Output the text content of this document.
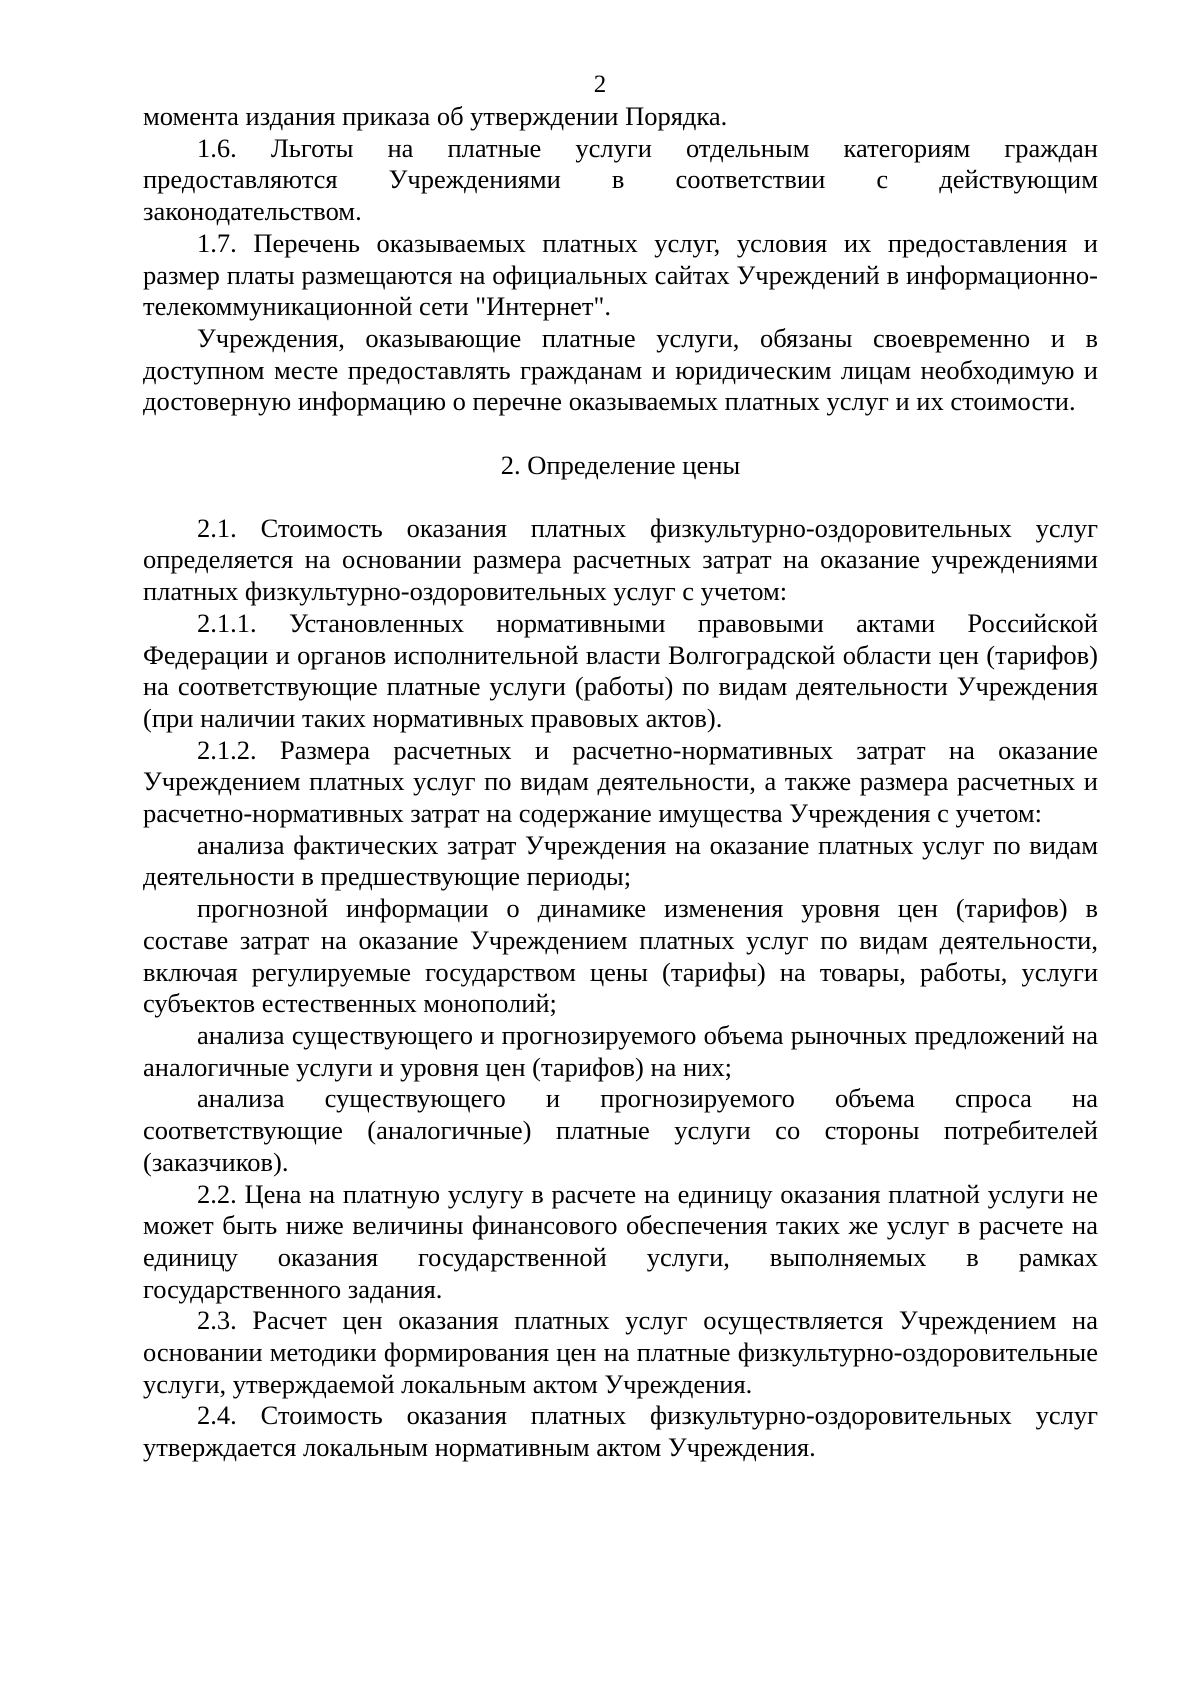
2

момента издания приказа об утверждении Порядка.

1.6. Льготы на платные услуги отдельным категориям граждан предоставляются Учреждениями в соответствии с действующим законодательством.

1.7. Перечень оказываемых платных услуг, условия их предоставления и размер платы размещаются на официальных сайтах Учреждений в информационно-телекоммуникационной сети "Интернет".

Учреждения, оказывающие платные услуги, обязаны своевременно и в доступном месте предоставлять гражданам и юридическим лицам необходимую и достоверную информацию о перечне оказываемых платных услуг и их стоимости.

2. Определение цены

2.1. Стоимость оказания платных физкультурно-оздоровительных услуг определяется на основании размера расчетных затрат на оказание учреждениями платных физкультурно-оздоровительных услуг с учетом:

2.1.1. Установленных нормативными правовыми актами Российской Федерации и органов исполнительной власти Волгоградской области цен (тарифов) на соответствующие платные услуги (работы) по видам деятельности Учреждения (при наличии таких нормативных правовых актов).

2.1.2. Размера расчетных и расчетно-нормативных затрат на оказание Учреждением платных услуг по видам деятельности, а также размера расчетных и расчетно-нормативных затрат на содержание имущества Учреждения с учетом:

анализа фактических затрат Учреждения на оказание платных услуг по видам деятельности в предшествующие периоды;

прогнозной информации о динамике изменения уровня цен (тарифов) в составе затрат на оказание Учреждением платных услуг по видам деятельности, включая регулируемые государством цены (тарифы) на товары, работы, услуги субъектов естественных монополий;

анализа существующего и прогнозируемого объема рыночных предложений на аналогичные услуги и уровня цен (тарифов) на них;

анализа существующего и прогнозируемого объема спроса на соответствующие (аналогичные) платные услуги со стороны потребителей (заказчиков).

2.2. Цена на платную услугу в расчете на единицу оказания платной услуги не может быть ниже величины финансового обеспечения таких же услуг в расчете на единицу оказания государственной услуги, выполняемых в рамках государственного задания.

2.3. Расчет цен оказания платных услуг осуществляется Учреждением на основании методики формирования цен на платные физкультурно-оздоровительные услуги, утверждаемой локальным актом Учреждения.

2.4. Стоимость оказания платных физкультурно-оздоровительных услуг утверждается локальным нормативным актом Учреждения.
